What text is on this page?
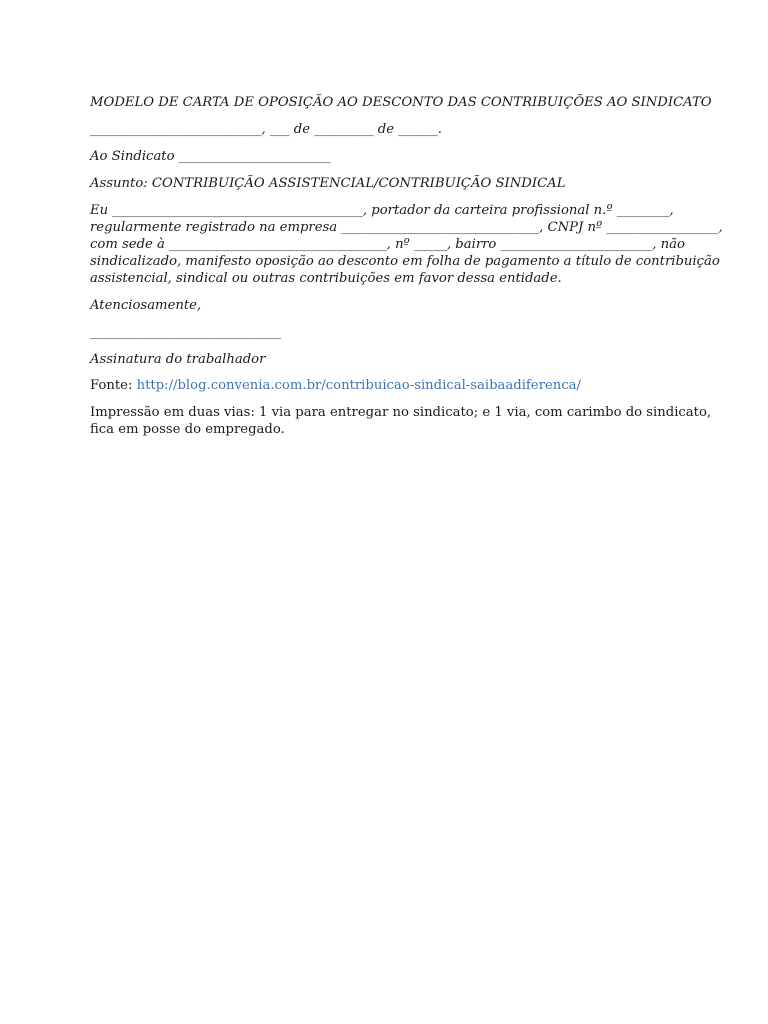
MODELO DE CARTA DE OPOSIÇÃO AO DESCONTO DAS CONTRIBUIÇÕES AO SINDICATO

__________________________, ___ de _________ de ______.

Ao Sindicato _______________________

Assunto: CONTRIBUIÇÃO ASSISTENCIAL/CONTRIBUIÇÃO SINDICAL

Eu ______________________________________, portador da carteira profissional n.º ________,

regularmente registrado na empresa ______________________________, CNPJ nº _________________,

com sede à _________________________________, nº _____, bairro _______________________, não

sindicalizado, manifesto oposição ao desconto em folha de pagamento a título de contribuição

assistencial, sindical ou outras contribuições em favor dessa entidade.

Atenciosamente,

_____________________________

Assinatura do trabalhador

Fonte: http://blog.convenia.com.br/contribuicao-sindical-saibaadiferenca/

Impressão em duas vias: 1 via para entregar no sindicato; e 1 via, com carimbo do sindicato,

fica em posse do empregado.
